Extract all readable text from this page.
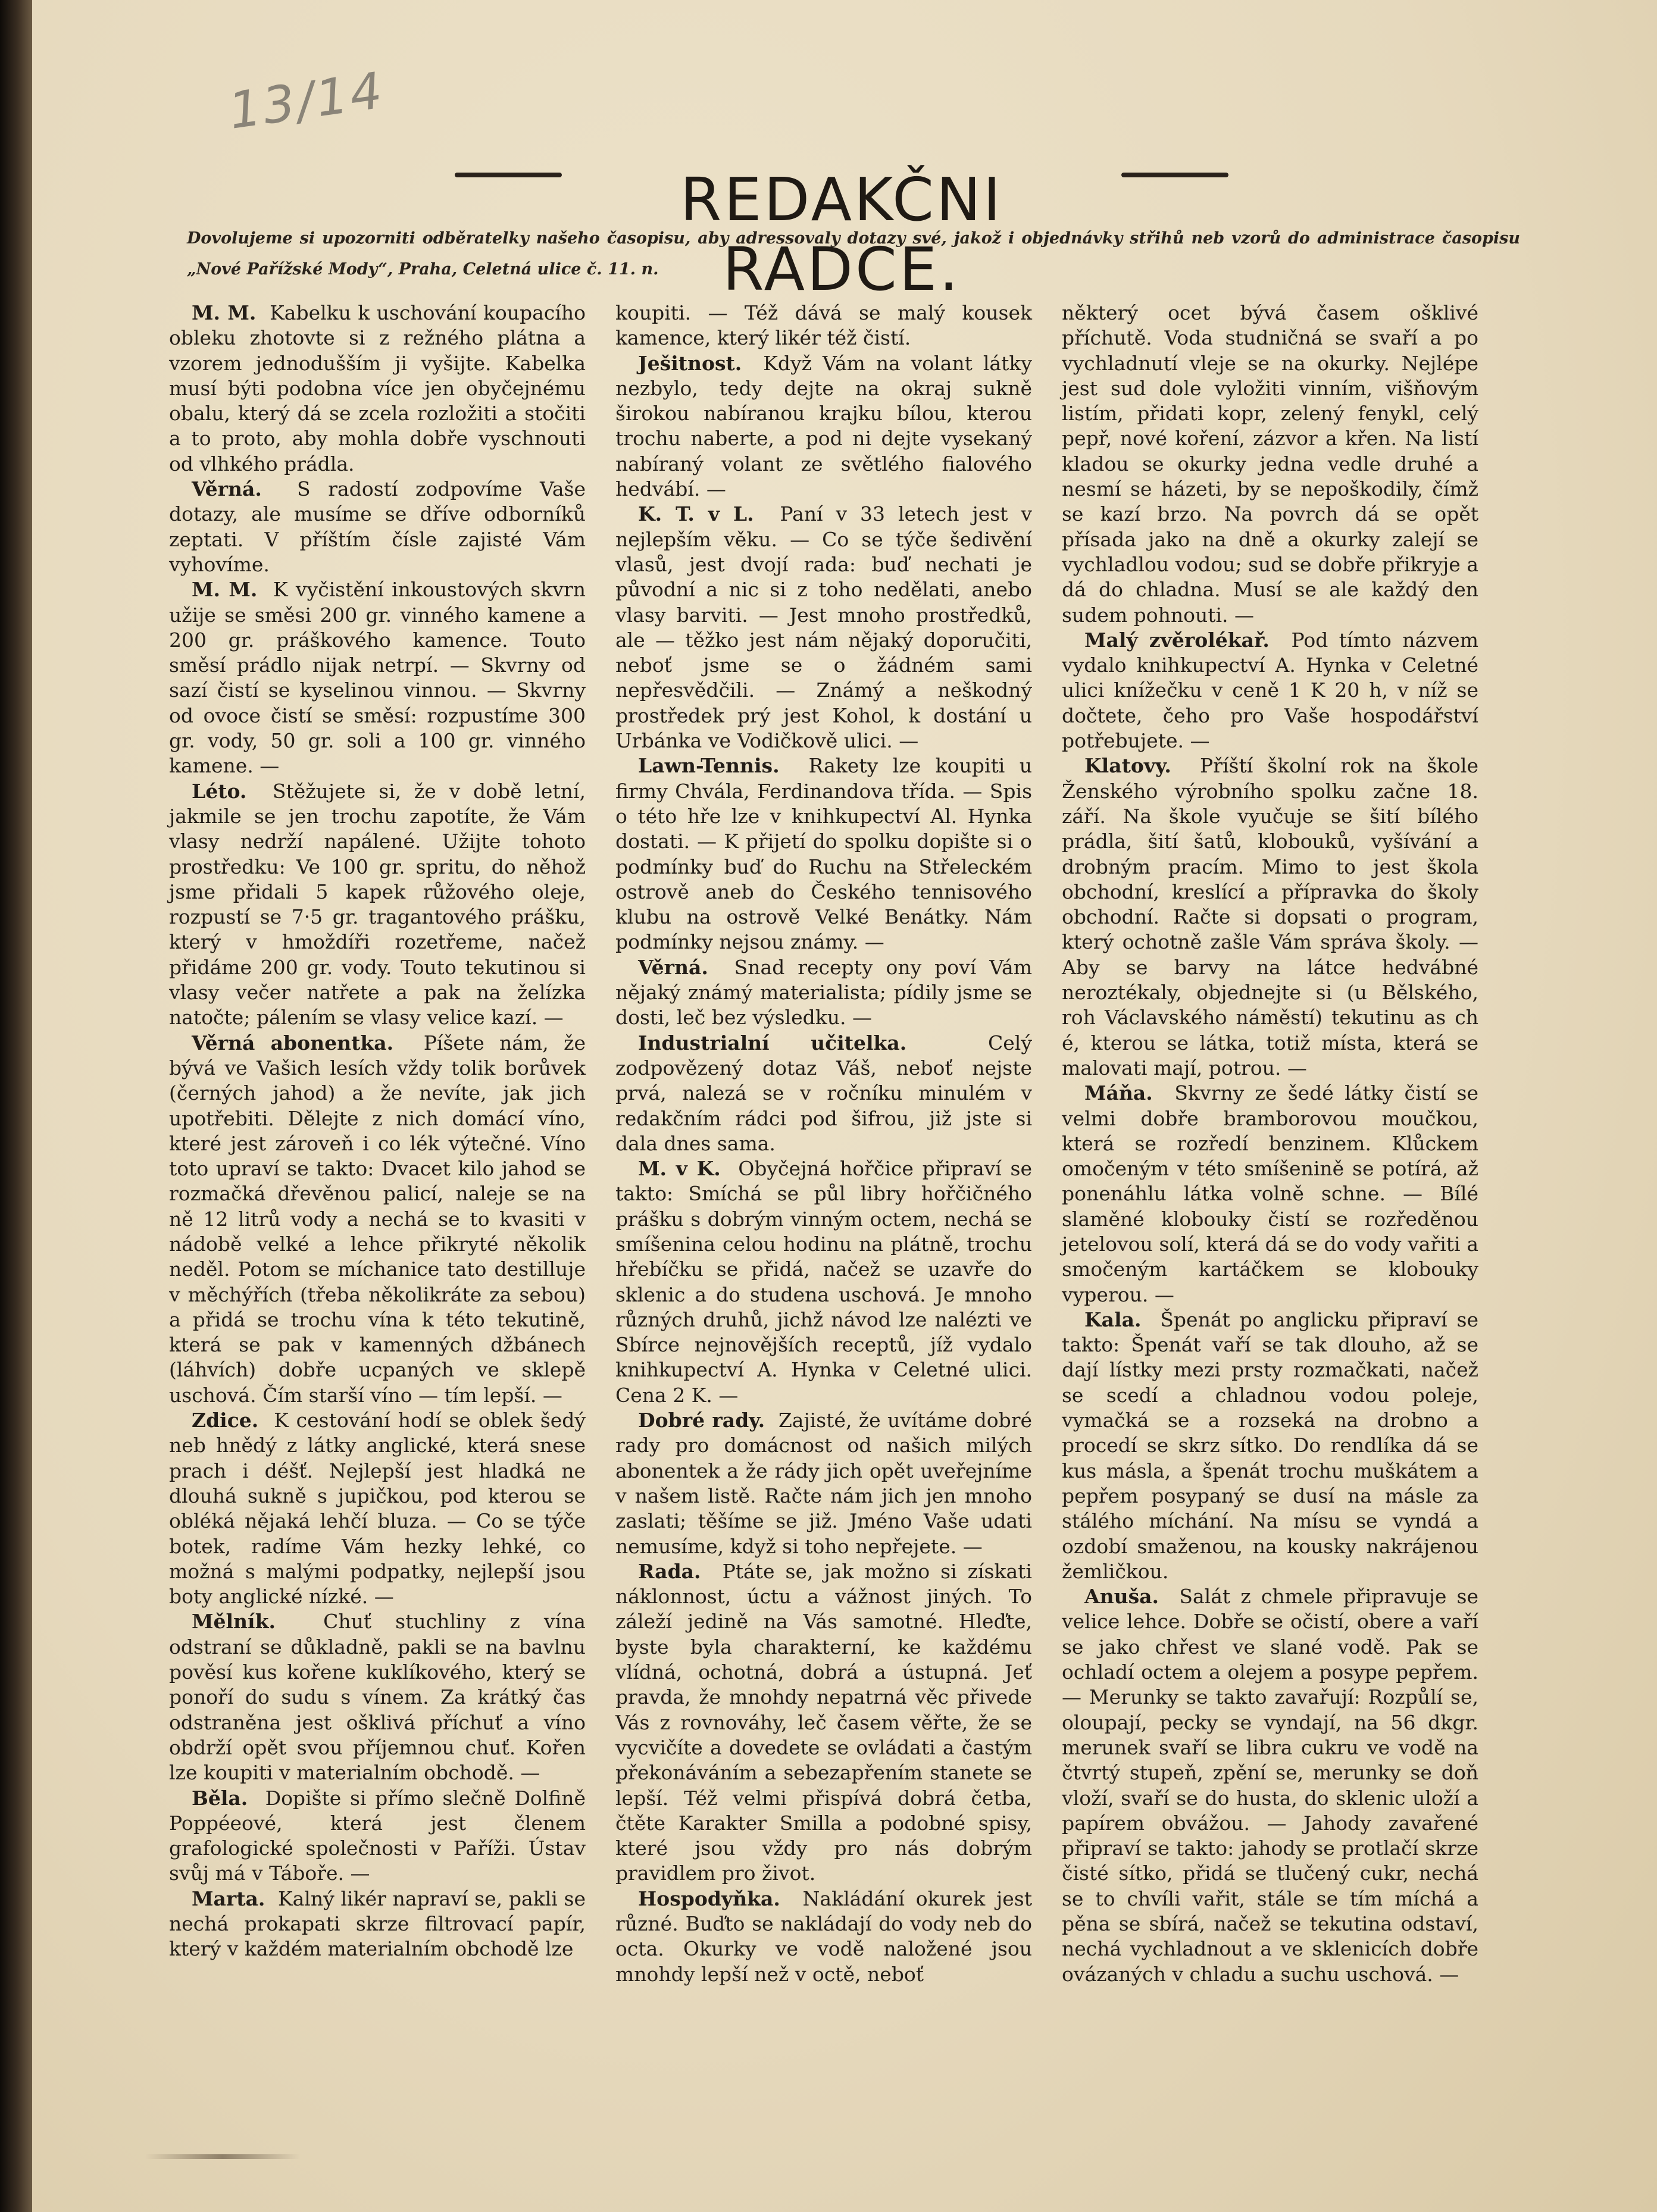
13/14
REDAKČNI RADCE.
Dovolujeme si upozorniti odběratelky našeho časopisu, aby adressovaly dotazy své, jakož i objednávky střihů neb vzorů do administrace časopisu „Nové Pařížské Mody“, Praha, Celetná ulice č. 11. n.

M. M. Kabelku k uschování koupacího obleku zhotovte si z režného plátna a vzorem jednodušším ji vyšijte. Kabelka musí býti podobna více jen obyčejnému obalu, který dá se zcela rozložiti a stočiti a to proto, aby mohla dobře vyschnouti od vlhkého prádla.

Věrná. S radostí zodpovíme Vaše dotazy, ale musíme se dříve odborníků zeptati. V příštím čísle zajisté Vám vyhovíme.

M. M. K vyčistění inkoustových skvrn užije se směsi 200 gr. vinného kamene a 200 gr. práškového kamence. Touto směsí prádlo nijak netrpí. — Skvrny od sazí čistí se kyselinou vinnou. — Skvrny od ovoce čistí se směsí: rozpustíme 300 gr. vody, 50 gr. soli a 100 gr. vinného kamene. —

Léto. Stěžujete si, že v době letní, jakmile se jen trochu zapotíte, že Vám vlasy nedrží napálené. Užijte tohoto prostředku: Ve 100 gr. spritu, do něhož jsme přidali 5 kapek růžového oleje, rozpustí se 7·5 gr. tragantového prášku, který v hmoždíři rozetřeme, načež přidáme 200 gr. vody. Touto tekutinou si vlasy večer natřete a pak na želízka natočte; pálením se vlasy velice kazí. —

Věrná abonentka. Píšete nám, že bývá ve Vašich lesích vždy tolik borůvek (černých jahod) a že nevíte, jak jich upotřebiti. Dělejte z nich domácí víno, které jest zároveň i co lék výtečné. Víno toto upraví se takto: Dvacet kilo jahod se rozmačká dřevěnou palicí, naleje se na ně 12 litrů vody a nechá se to kvasiti v nádobě velké a lehce přikryté několik neděl. Potom se míchanice tato destilluje v měchýřích (třeba několikráte za sebou) a přidá se trochu vína k této tekutině, která se pak v kamenných džbánech (láhvích) dobře ucpaných ve sklepě uschová. Čím starší víno — tím lepší. —

Zdice. K cestování hodí se oblek šedý neb hnědý z látky anglické, která snese prach i déšť. Nejlepší jest hladká ne dlouhá sukně s jupičkou, pod kterou se obléká nějaká lehčí bluza. — Co se týče botek, radíme Vám hezky lehké, co možná s malými podpatky, nejlepší jsou boty anglické nízké. —

Mělník. Chuť stuchliny z vína odstraní se důkladně, pakli se na bavlnu pověsí kus kořene kuklíkového, který se ponoří do sudu s vínem. Za krátký čas odstraněna jest ošklivá příchuť a víno obdrží opět svou příjemnou chuť. Kořen lze koupiti v materialním obchodě. —

Běla. Dopište si přímo slečně Dolfině Poppéeové, která jest členem grafologické společnosti v Paříži. Ústav svůj má v Táboře. —

Marta. Kalný likér napraví se, pakli se nechá prokapati skrze filtrovací papír, který v každém materialním obchodě lze

koupiti. — Též dává se malý kousek kamence, který likér též čistí.

Ješitnost. Když Vám na volant látky nezbylo, tedy dejte na okraj sukně širokou nabíranou krajku bílou, kterou trochu naberte, a pod ni dejte vysekaný nabíraný volant ze světlého fialového hedvábí. —

K. T. v L. Paní v 33 letech jest v nejlepším věku. — Co se týče šedivění vlasů, jest dvojí rada: buď nechati je původní a nic si z toho nedělati, anebo vlasy barviti. — Jest mnoho prostředků, ale — těžko jest nám nějaký doporučiti, neboť jsme se o žádném sami nepřesvědčili. — Známý a neškodný prostředek prý jest Kohol, k dostání u Urbánka ve Vodičkově ulici. —

Lawn-Tennis. Rakety lze koupiti u firmy Chvála, Ferdinandova třída. — Spis o této hře lze v knihkupectví Al. Hynka dostati. — K přijetí do spolku dopište si o podmínky buď do Ruchu na Střeleckém ostrově aneb do Českého tennisového klubu na ostrově Velké Benátky. Nám podmínky nejsou známy. —

Věrná. Snad recepty ony poví Vám nějaký známý materialista; pídily jsme se dosti, leč bez výsledku. —

Industrialní učitelka.	Celý zodpovězený dotaz Váš, neboť nejste prvá, nalezá se v ročníku minulém v redakčním rádci pod šifrou, již jste si dala dnes sama.

M. v K. Obyčejná hořčice připraví se takto: Smíchá se půl libry hořčičného prášku s dobrým vinným octem, nechá se smíšenina celou hodinu na plátně, trochu hřebíčku se přidá, načež se uzavře do sklenic a do studena uschová. Je mnoho různých druhů, jichž návod lze nalézti ve Sbírce nejnovějších receptů, jíž vydalo knihkupectví A. Hynka v Celetné ulici. Cena 2 K. —

Dobré rady. Zajisté, že uvítáme dobré rady pro domácnost od našich milých abonentek a že rády jich opět uveřejníme v našem listě. Račte nám jich jen mnoho zaslati; těšíme se již. Jméno Vaše udati nemusíme, když si toho nepřejete. —

Rada. Ptáte se, jak možno si získati náklonnost, úctu a vážnost jiných. To záleží jedině na Vás samotné. Hleďte, byste byla charakterní, ke každému vlídná, ochotná, dobrá a ústupná. Jeť pravda, že mnohdy nepatrná věc přivede Vás z rovnováhy, leč časem věřte, že se vycvičíte a dovedete se ovládati a častým překonáváním a sebezapřením stanete se lepší. Též velmi přispívá dobrá četba, čtěte Karakter Smilla a podobné spisy, které jsou vždy pro nás dobrým pravidlem pro život.

Hospodyňka. Nakládání okurek jest různé. Buďto se nakládají do vody neb do octa. Okurky ve vodě naložené jsou mnohdy lepší než v octě, neboť

některý ocet bývá časem ošklivé příchutě. Voda studničná se svaří a po vychladnutí vleje se na okurky. Nejlépe jest sud dole vyložiti vinním, višňovým listím, přidati kopr, zelený fenykl, celý pepř, nové koření, zázvor a křen. Na listí kladou se okurky jedna vedle druhé a nesmí se házeti, by se nepoškodily, čímž se kazí brzo. Na povrch dá se opět přísada jako na dně a okurky zalejí se vychladlou vodou; sud se dobře přikryje a dá do chladna. Musí se ale každý den sudem pohnouti. —

Malý zvěrolékař. Pod tímto názvem vydalo knihkupectví A. Hynka v Celetné ulici knížečku v ceně 1 K 20 h, v níž se dočtete, čeho pro Vaše hospodářství potřebujete. —

Klatovy. Příští školní rok na škole Ženského výrobního spolku začne 18. září. Na škole vyučuje se šití bílého prádla, šití šatů, klobouků, vyšívání a drobným pracím. Mimo to jest škola obchodní, kreslící a přípravka do školy obchodní. Račte si dopsati o program, který ochotně zašle Vám správa školy. — Aby se barvy na látce hedvábné neroztékaly, objednejte si (u Bělského, roh Václavského náměstí) tekutinu as ch é, kterou se látka, totiž místa, která se malovati mají, potrou. —

Máňa. Skvrny ze šedé látky čistí se velmi dobře bramborovou moučkou, která se rozředí benzinem. Klůckem omočeným v této smíšenině se potírá, až ponenáhlu látka volně schne. — Bílé slaměné klobouky čistí se rozředěnou jetelovou solí, která dá se do vody vařiti a smočeným kartáčkem se klobouky vyperou. —

Kala. Špenát po anglicku připraví se takto: Špenát vaří se tak dlouho, až se dají lístky mezi prsty rozmačkati, načež se scedí a chladnou vodou poleje, vymačká se a rozseká na drobno a procedí se skrz sítko. Do rendlíka dá se kus másla, a špenát trochu muškátem a pepřem posypaný se dusí na másle za stálého míchání. Na mísu se vyndá a ozdobí smaženou, na kousky nakrájenou žemličkou.

Anuša. Salát z chmele připravuje se velice lehce. Dobře se očistí, obere a vaří se jako chřest ve slané vodě. Pak se ochladí octem a olejem a posype pepřem. — Merunky se takto zavařují: Rozpůlí se, oloupají, pecky se vyndají, na 56 dkgr. merunek svaří se libra cukru ve vodě na čtvrtý stupeň, zpění se, merunky se doň vloží, svaří se do husta, do sklenic uloží a papírem obvážou. — Jahody zavařené připraví se takto: jahody se protlačí skrze čisté sítko, přidá se tlučený cukr, nechá se to chvíli vařit, stále se tím míchá a pěna se sbírá, načež se tekutina odstaví, nechá vychladnout a ve sklenicích dobře ovázaných v chladu a suchu uschová. —
